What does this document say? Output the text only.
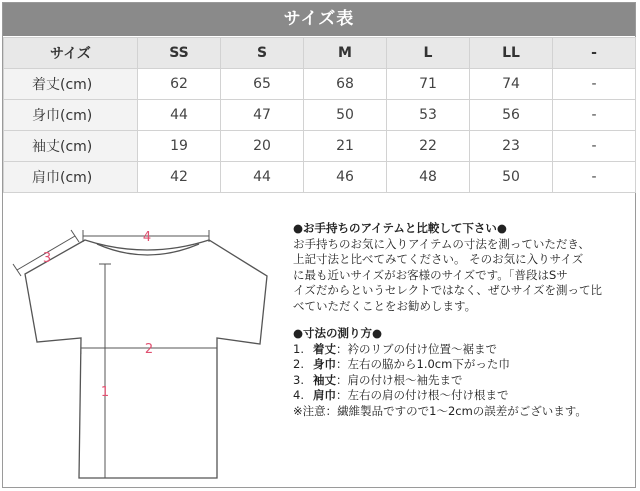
サイズ表
サイズ	SS	S	M	L	LL	-
着丈(cm)	62	65	68	71	74	-
身巾(cm)	44	47	50	53	56	-
袖丈(cm)	19	20	21	22	23	-
肩巾(cm)	42	44	46	48	50	-
4
3
2
1

●お手持ちのアイテムと比較して下さい●

お手持ちのお気に入りアイテムの寸法を測っていただき、

上記寸法と比べてみてください。 そのお気に入りサイズ

に最も近いサイズがお客様のサイズです。「普段はSサ

イズだからというセレクトではなく、ぜひサイズを測って比

べていただくことをお勧めします。

●寸法の測り方●

1. 着丈 ：衿のリブの付け位置～裾まで
2. 身巾 ：左右の脇から1.0cm下がった巾
3. 袖丈 ：肩の付け根～袖先まで
4. 肩巾 ：左右の肩の付け根～付け根まで

※注意：繊維製品ですので1～2cmの誤差がございます。
